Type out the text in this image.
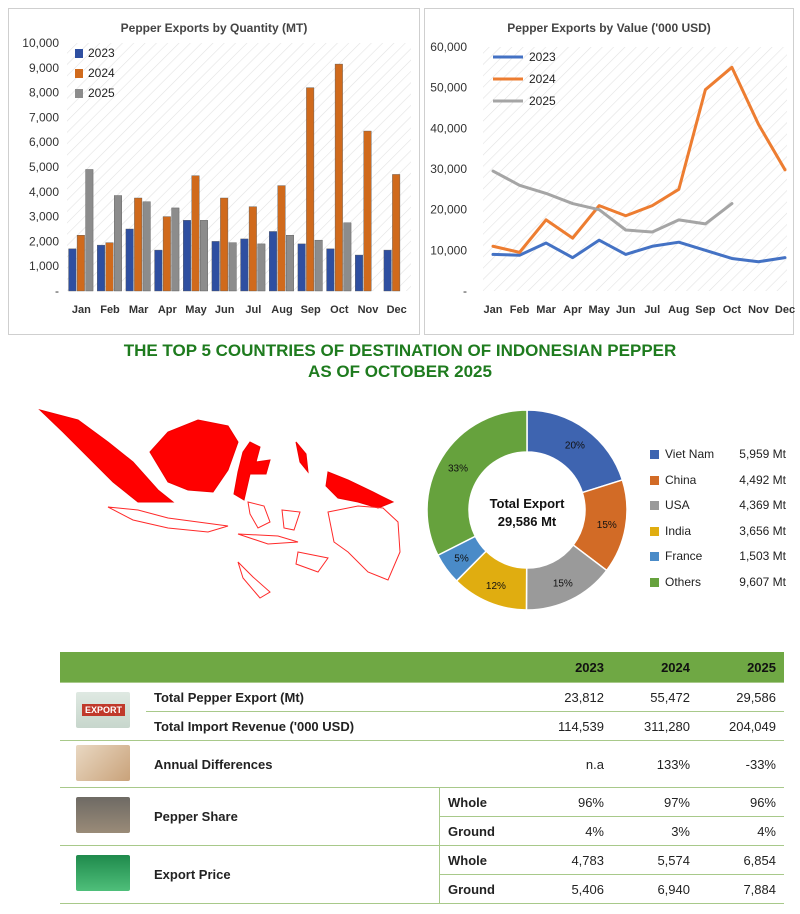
Pepper Exports by Quantity (MT)
-
1,000
2,000
3,000
4,000
5,000
6,000
7,000
8,000
9,000
10,000
Jan Feb Mar Apr May Jun Jul Aug Sep Oct Nov Dec
2023
2024
2025
Pepper Exports by Value ('000 USD)
-
10,000
20,000
30,000
40,000
50,000
60,000
Jan Feb Mar Apr May Jun Jul Aug Sep Oct Nov Dec
2023
2024
2025
THE TOP 5 COUNTRIES OF DESTINATION OF INDONESIAN PEPPER
AS OF OCTOBER 2025
20%
15%
15%
12%
5%
33%
Total Export
29,586 Mt
Viet Nam 5,959 Mt
China	4,492 Mt
USA	4,369 Mt
India	3,656 Mt
France	1,503 Mt
Others	9,607 Mt
			2023	2024	2025

EXPORT	Total Pepper Export (Mt)		23,812	55,472	29,586
	Total Import Revenue ('000 USD)		114,539	311,280	204,049
	Annual Differences		n.a	133%	-33%
	Pepper Share	Whole	96%	97%	96%
		Ground	4%	3%	4%
	Export Price	Whole	4,783	5,574	6,854
		Ground	5,406	6,940	7,884
